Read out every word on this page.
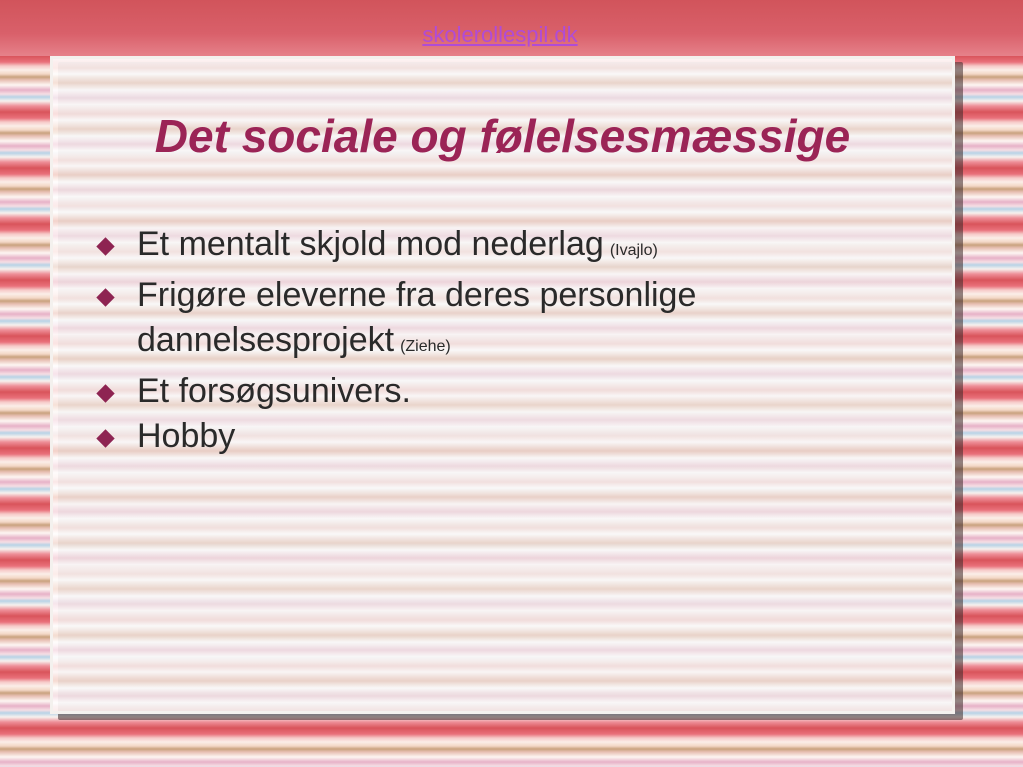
skolerollespil.dk
Det sociale og følelsesmæssige
Et mentalt skjold mod nederlag (Ivajlo)
Frigøre eleverne fra deres personlige
dannelsesprojekt (Ziehe)
Et forsøgsunivers.
Hobby
